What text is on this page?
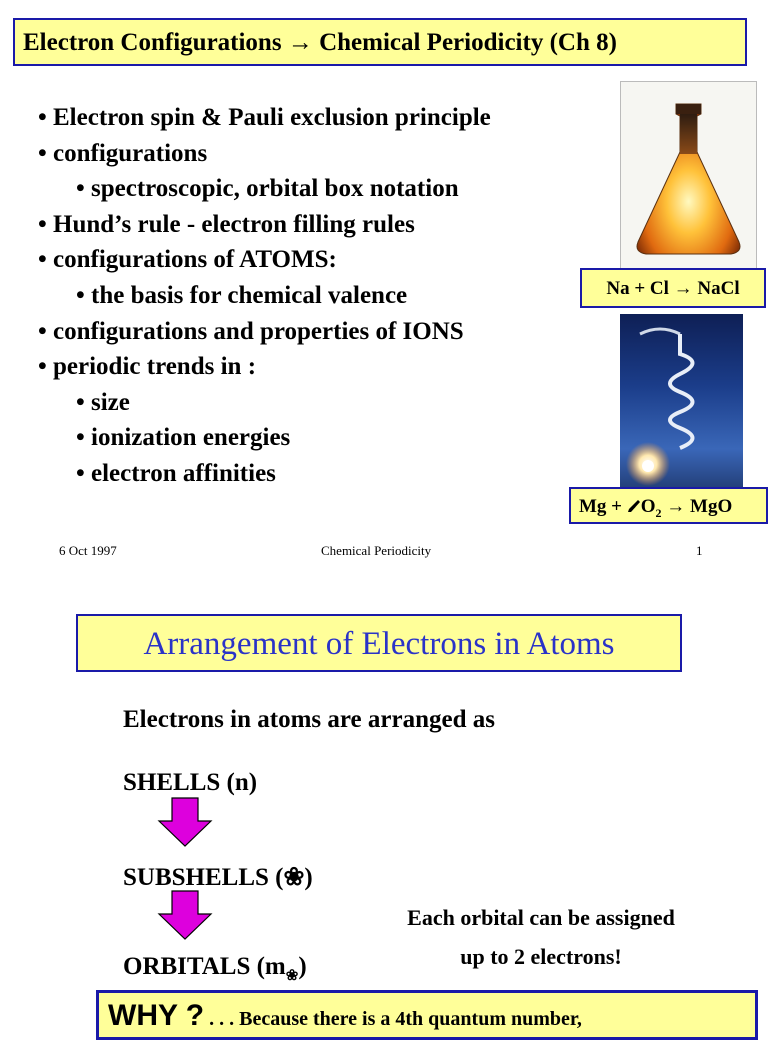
Electron Configurations → Chemical Periodicity (Ch 8)
• Electron spin & Pauli exclusion principle
• configurations
• spectroscopic, orbital box notation
• Hund’s rule - electron filling rules
• configurations of ATOMS:
• the basis for chemical valence
• configurations and properties of IONS
• periodic trends in :
• size
• ionization energies
• electron affinities
Na + Cl → NaCl
$Mg + O_2$ → MgO
6 Oct 1997	Chemical Periodicity	1
Arrangement of Electrons in Atoms
Electrons in atoms are arranged as
SHELLS (n)
SUBSHELLS (❀)
ORBITALS $(m_❀)$
Each orbital can be assigned
up to 2 electrons!
WHY ? . . . Because there is a 4th quantum number,
